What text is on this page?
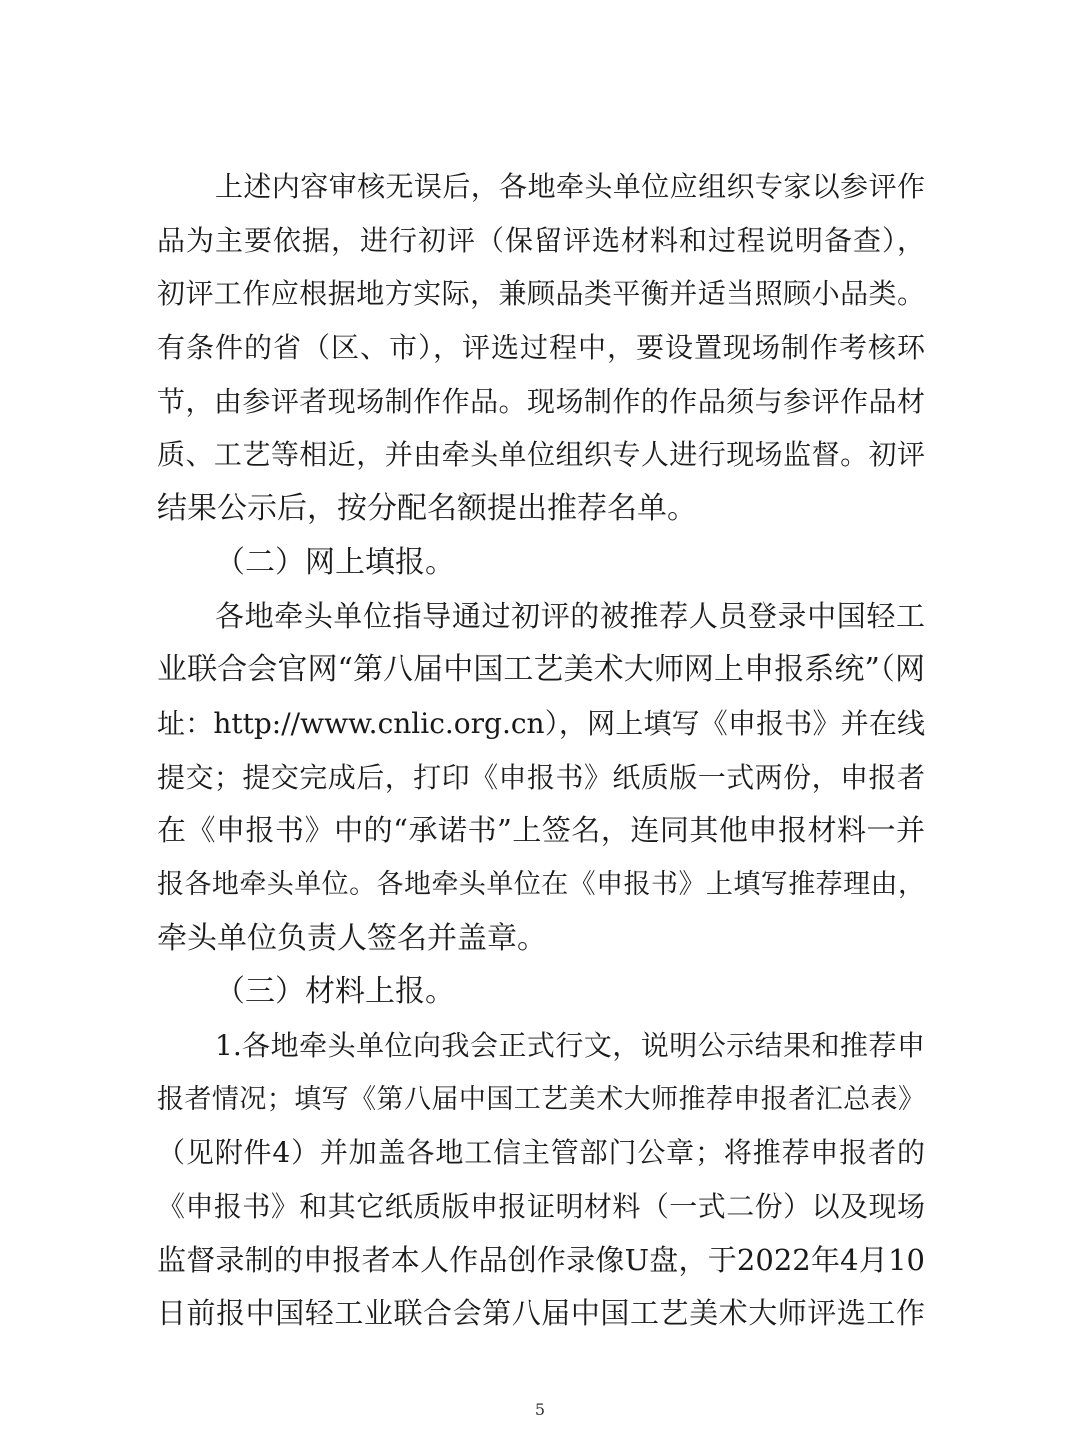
上述内容审核无误后，各地牵头单位应组织专家以参评作
品为主要依据，进行初评（保留评选材料和过程说明备查），
初评工作应根据地方实际，兼顾品类平衡并适当照顾小品类。
有条件的省（区、市），评选过程中，要设置现场制作考核环
节，由参评者现场制作作品。现场制作的作品须与参评作品材
质、工艺等相近，并由牵头单位组织专人进行现场监督。初评
结果公示后，按分配名额提出推荐名单。
（二）网上填报。
各地牵头单位指导通过初评的被推荐人员登录中国轻工
业联合会官网“第八届中国工艺美术大师网上申报系统”（网
址：http://www.cnlic.org.cn），网上填写《申报书》并在线
提交；提交完成后，打印《申报书》纸质版一式两份，申报者
在《申报书》中的“承诺书”上签名，连同其他申报材料一并
报各地牵头单位。各地牵头单位在《申报书》上填写推荐理由，
牵头单位负责人签名并盖章。
（三）材料上报。
1.各地牵头单位向我会正式行文，说明公示结果和推荐申
报者情况；填写《第八届中国工艺美术大师推荐申报者汇总表》
（见附件4）并加盖各地工信主管部门公章；将推荐申报者的
《申报书》和其它纸质版申报证明材料（一式二份）以及现场
监督录制的申报者本人作品创作录像U盘，于2022年4月10
日前报中国轻工业联合会第八届中国工艺美术大师评选工作
5
